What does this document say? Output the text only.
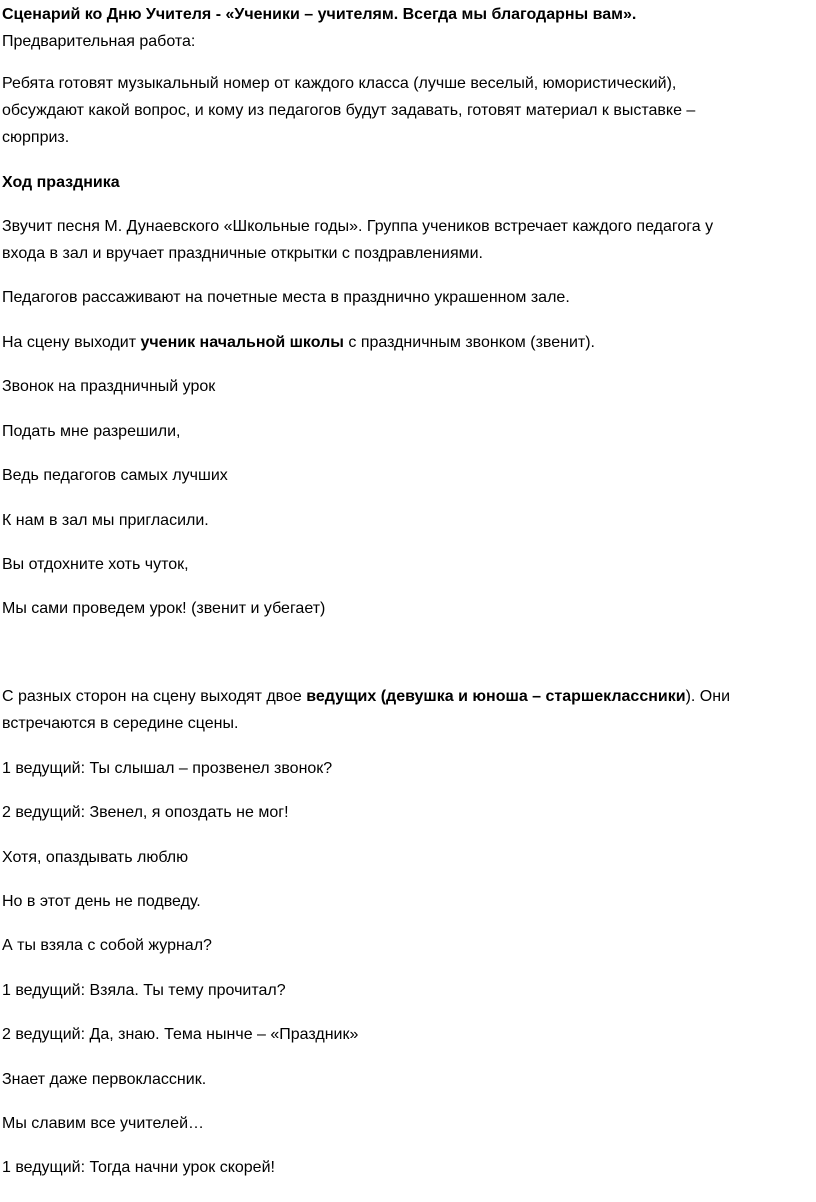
Сценарий ко Дню Учителя - «Ученики – учителям. Всегда мы благодарны вам».
Предварительная работа:
Ребята готовят музыкальный номер от каждого класса (лучше веселый, юмористический),
обсуждают какой вопрос, и кому из педагогов будут задавать, готовят материал к выставке –
сюрприз.
Ход праздника
Звучит песня М. Дунаевского «Школьные годы». Группа учеников встречает каждого педагога у
входа в зал и вручает праздничные открытки с поздравлениями.
Педагогов рассаживают на почетные места в празднично украшенном зале.
На сцену выходит ученик начальной школы с праздничным звонком (звенит).
Звонок на праздничный урок
Подать мне разрешили,
Ведь педагогов самых лучших
К нам в зал мы пригласили.
Вы отдохните хоть чуток,
Мы сами проведем урок! (звенит и убегает)
С разных сторон на сцену выходят двое ведущих (девушка и юноша – старшеклассники). Они
встречаются в середине сцены.
1 ведущий: Ты слышал – прозвенел звонок?
2 ведущий: Звенел, я опоздать не мог!
Хотя, опаздывать люблю
Но в этот день не подведу.
А ты взяла с собой журнал?
1 ведущий: Взяла. Ты тему прочитал?
2 ведущий: Да, знаю. Тема нынче – «Праздник»
Знает даже первоклассник.
Мы славим все учителей…
1 ведущий: Тогда начни урок скорей!
